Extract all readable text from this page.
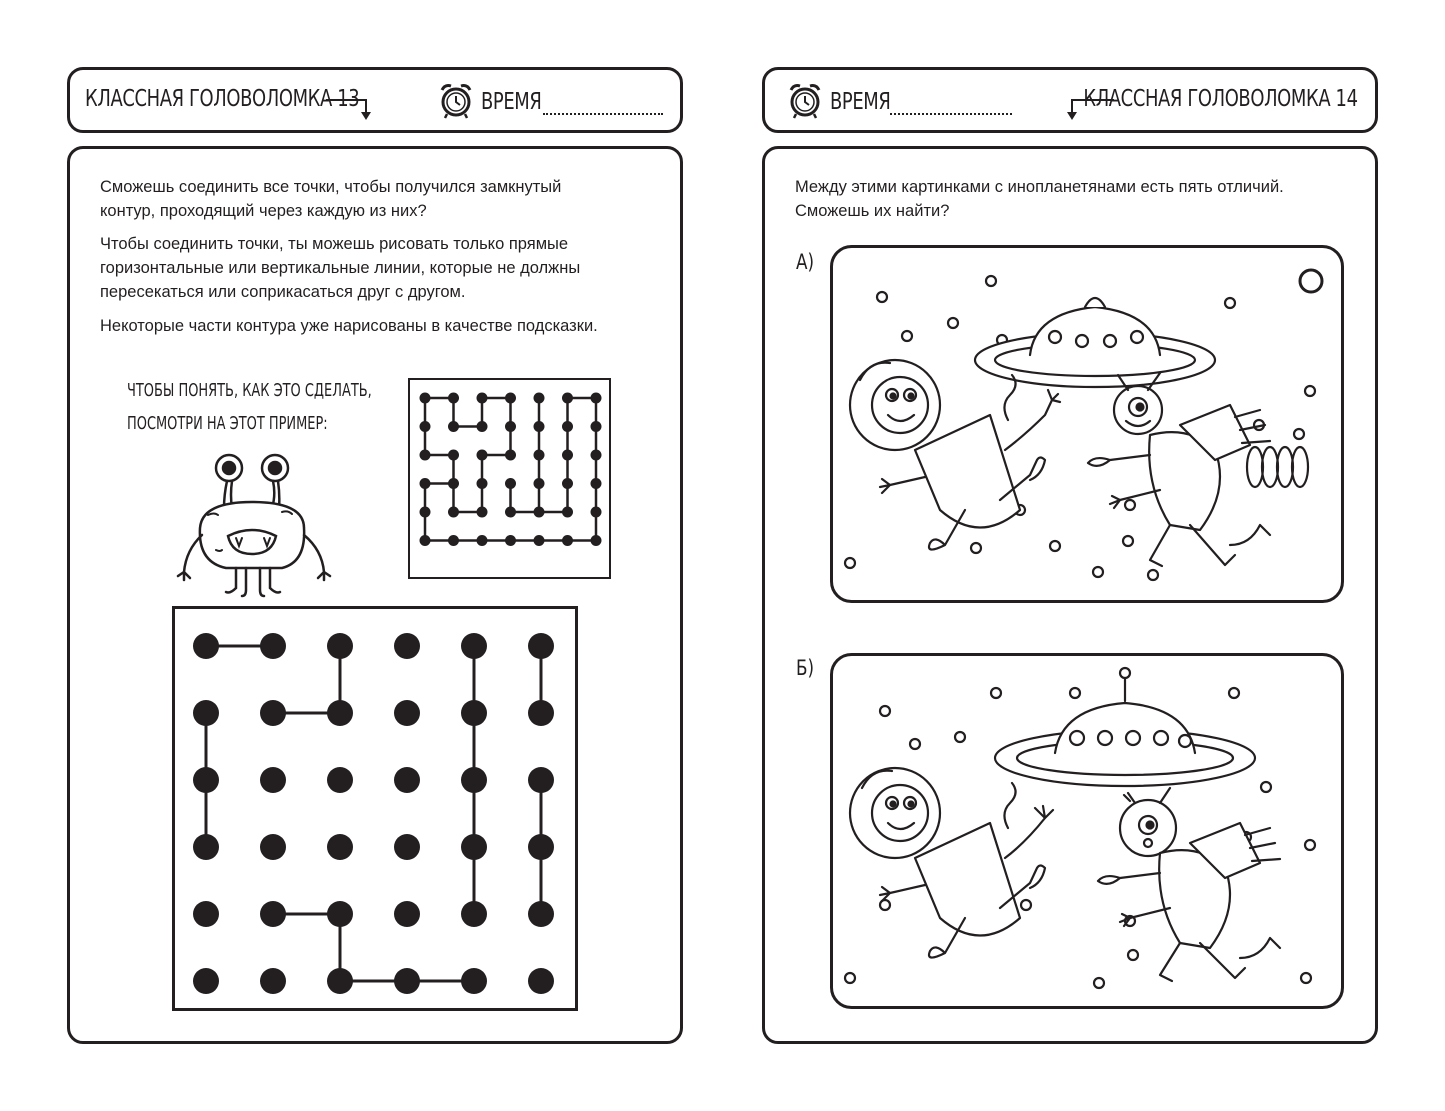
КЛАССНАЯ ГОЛОВОЛОМКА 13	ВРЕМЯ

Сможешь соединить все точки, чтобы получился замкнутый контур, проходящий через каждую из них?

Чтобы соединить точки, ты можешь рисовать только прямые горизонтальные или вертикальные линии, которые не должны пересекаться или соприкасаться друг с другом.

Некоторые части контура уже нарисованы в качестве подсказки.

ЧТОБЫ ПОНЯТЬ, КАК ЭТО СДЕЛАТЬ,
ПОСМОТРИ НА ЭТОТ ПРИМЕР:
ВРЕМЯ	КЛАССНАЯ ГОЛОВОЛОМКА 14

Между этими картинками с инопланетянами есть пять отличий. Сможешь их найти?

А)
Б)
